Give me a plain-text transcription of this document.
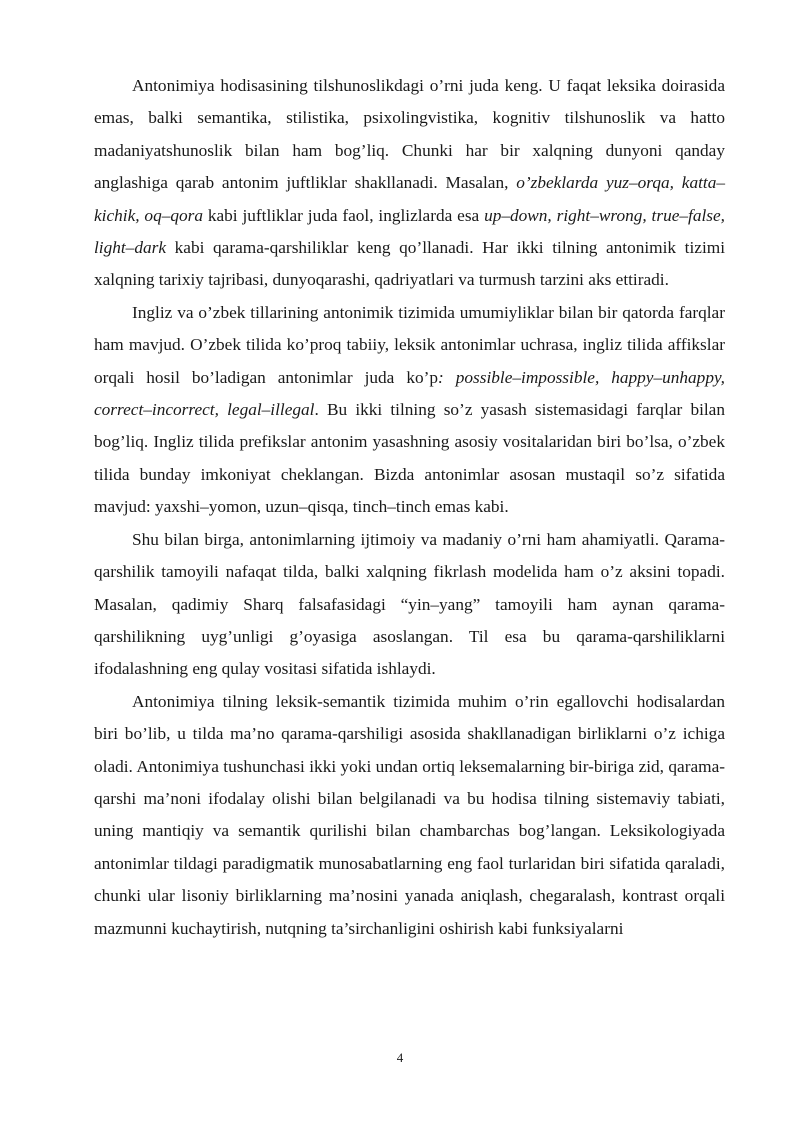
Antonimiya hodisasining tilshunoslikdagi o’rni juda keng. U faqat leksika doirasida emas, balki semantika, stilistika, psixolingvistika, kognitiv tilshunoslik va hatto madaniyatshunoslik bilan ham bog’liq. Chunki har bir xalqning dunyoni qanday anglashiga qarab antonim juftliklar shakllanadi. Masalan, o’zbeklarda yuz–orqa, katta–kichik, oq–qora kabi juftliklar juda faol, inglizlarda esa up–down, right–wrong, true–false, light–dark kabi qarama-qarshiliklar keng qo’llanadi. Har ikki tilning antonimik tizimi xalqning tarixiy tajribasi, dunyoqarashi, qadriyatlari va turmush tarzini aks ettiradi.

Ingliz va o’zbek tillarining antonimik tizimida umumiyliklar bilan bir qatorda farqlar ham mavjud. O’zbek tilida ko’proq tabiiy, leksik antonimlar uchrasa, ingliz tilida affikslar orqali hosil bo’ladigan antonimlar juda ko’p: possible–impossible, happy–unhappy, correct–incorrect, legal–illegal. Bu ikki tilning so’z yasash sistemasidagi farqlar bilan bog’liq. Ingliz tilida prefikslar antonim yasashning asosiy vositalaridan biri bo’lsa, o’zbek tilida bunday imkoniyat cheklangan. Bizda antonimlar asosan mustaqil so’z sifatida mavjud: yaxshi–yomon, uzun–qisqa, tinch–tinch emas kabi.

Shu bilan birga, antonimlarning ijtimoiy va madaniy o’rni ham ahamiyatli. Qarama-qarshilik tamoyili nafaqat tilda, balki xalqning fikrlash modelida ham o’z aksini topadi. Masalan, qadimiy Sharq falsafasidagi “yin–yang” tamoyili ham aynan qarama-qarshilikning uyg’unligi g’oyasiga asoslangan. Til esa bu qarama-qarshiliklarni ifodalashning eng qulay vositasi sifatida ishlaydi.

Antonimiya tilning leksik-semantik tizimida muhim o’rin egallovchi hodisalardan biri bo’lib, u tilda ma’no qarama-qarshiligi asosida shakllanadigan birliklarni o’z ichiga oladi. Antonimiya tushunchasi ikki yoki undan ortiq leksemalarning bir-biriga zid, qarama-qarshi ma’noni ifodalay olishi bilan belgilanadi va bu hodisa tilning sistemaviy tabiati, uning mantiqiy va semantik qurilishi bilan chambarchas bog’langan. Leksikologiyada antonimlar tildagi paradigmatik munosabatlarning eng faol turlaridan biri sifatida qaraladi, chunki ular lisoniy birliklarning ma’nosini yanada aniqlash, chegaralash, kontrast orqali mazmunni kuchaytirish, nutqning ta’sirchanligini oshirish kabi funksiyalarni

4
